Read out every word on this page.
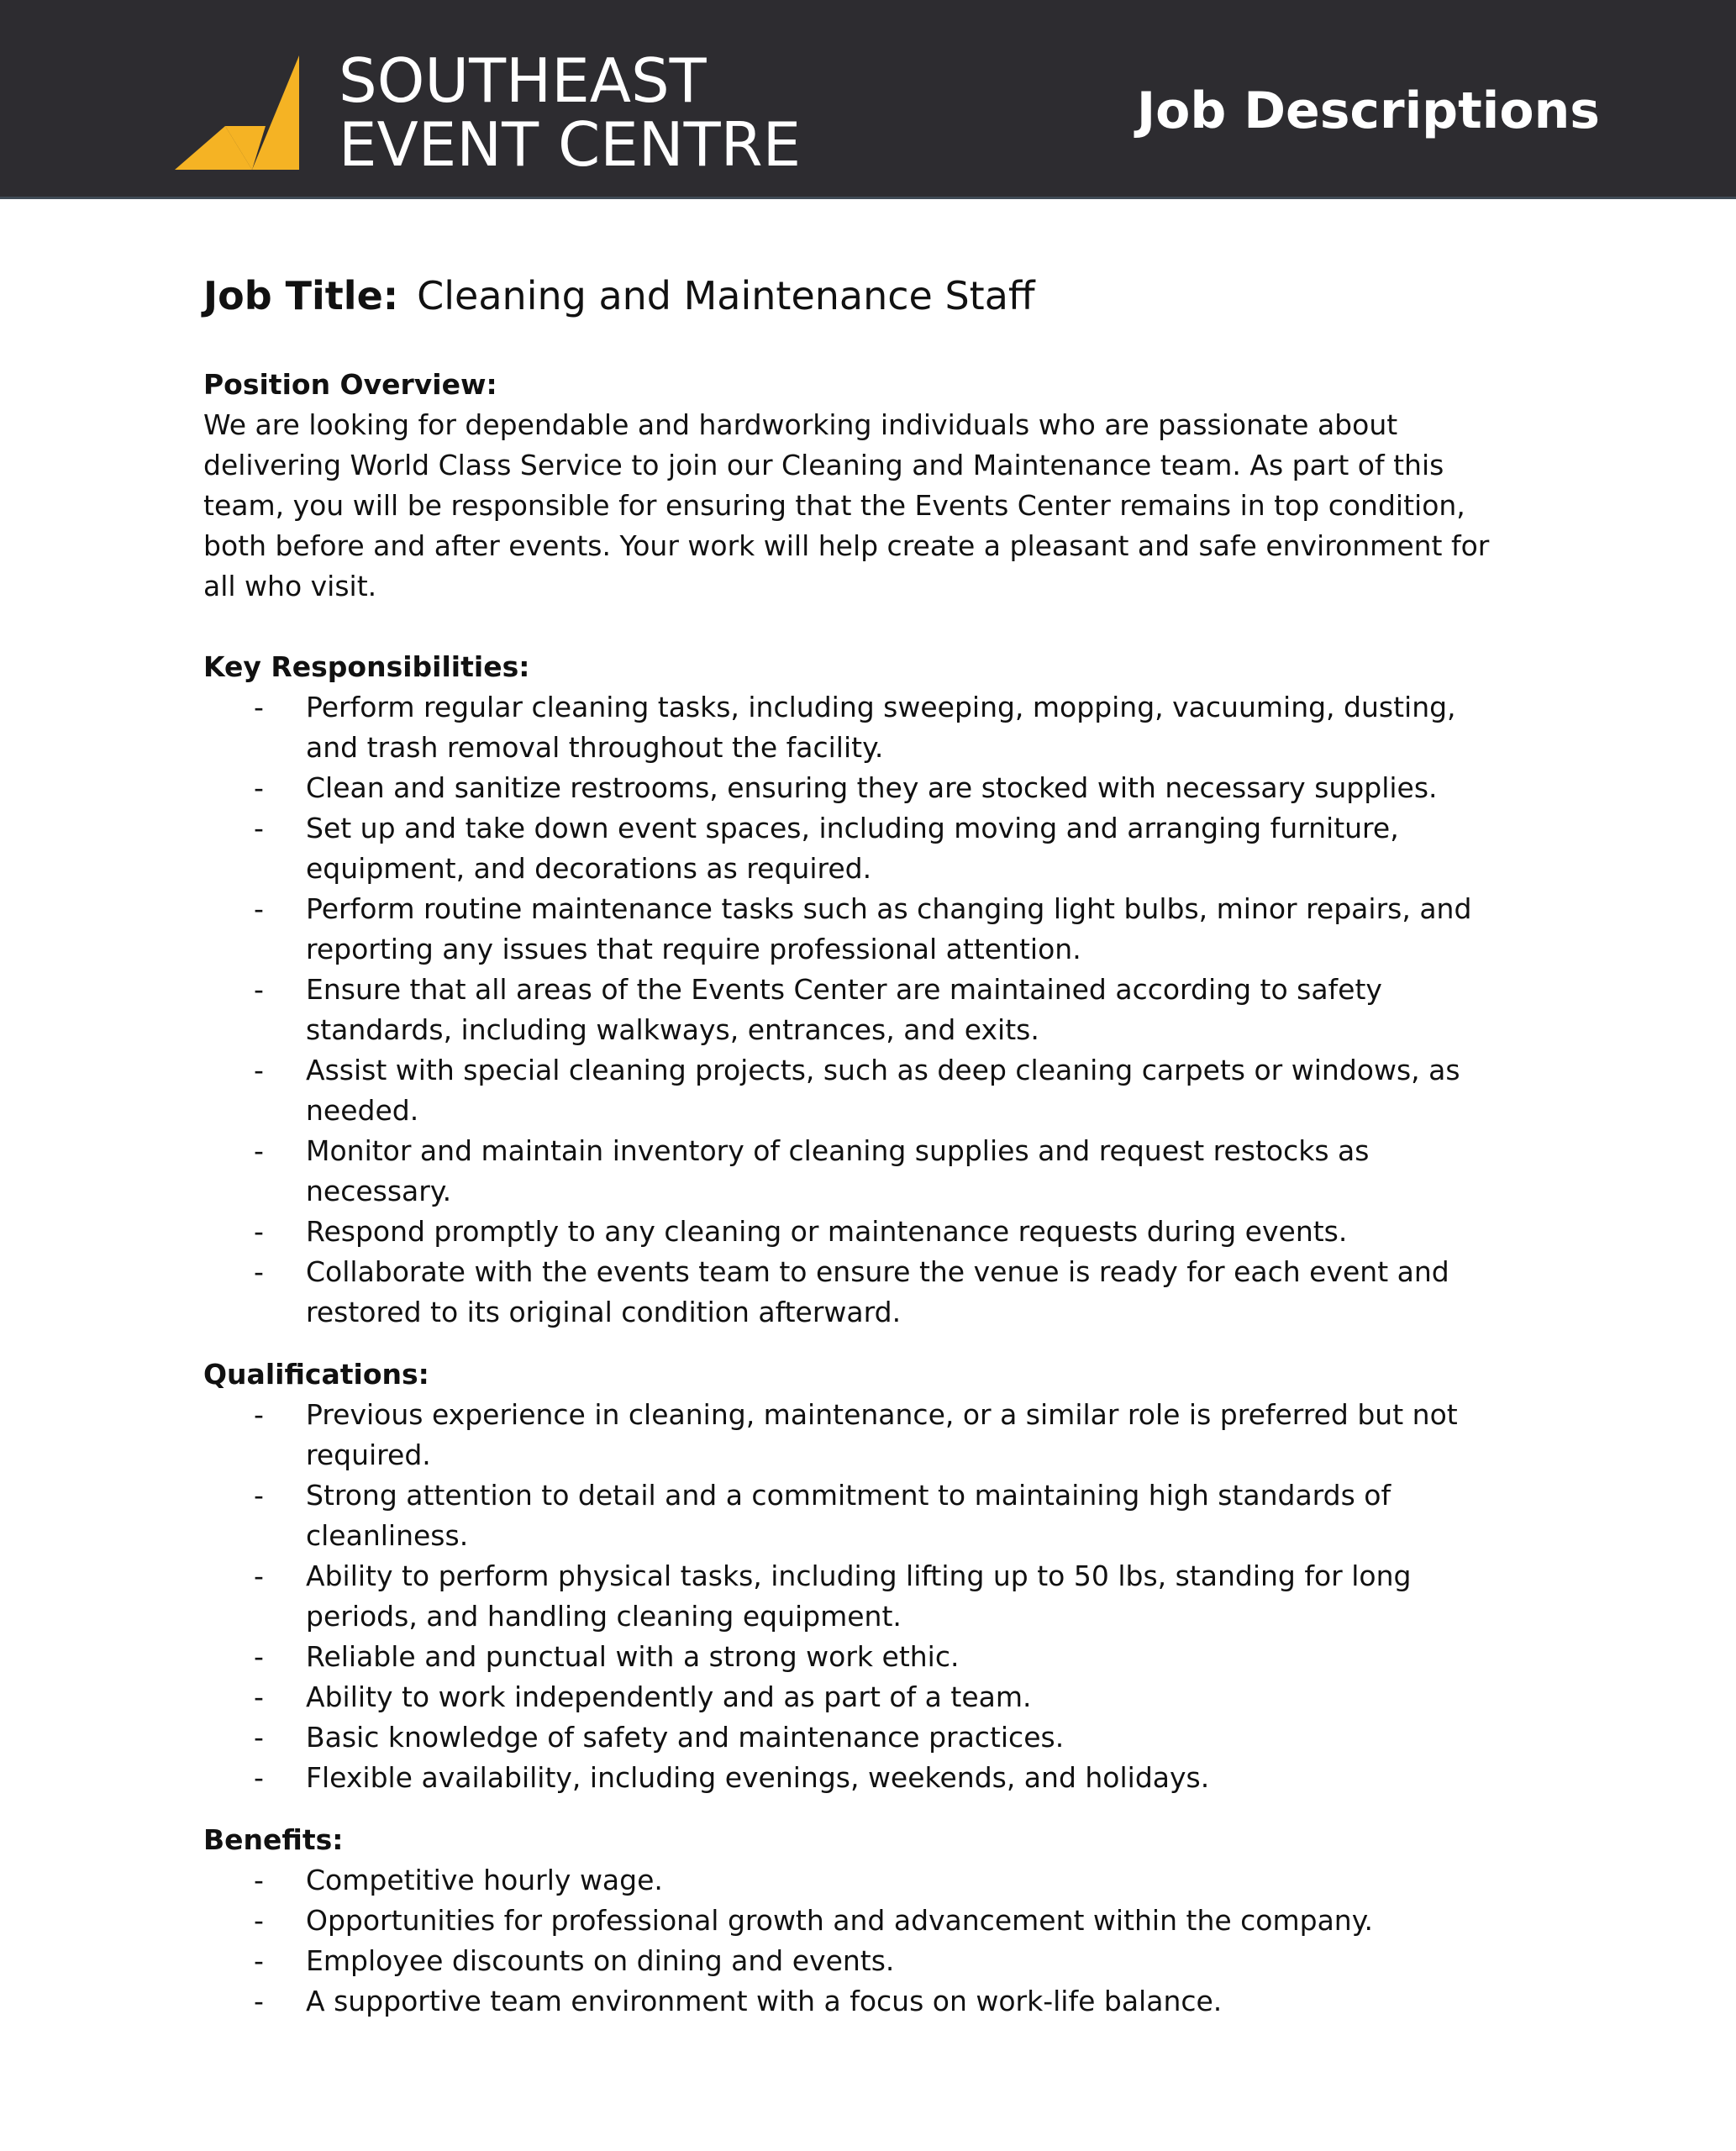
SOUTHEAST
EVENT CENTRE	Job Descriptions
Job Title: Cleaning and Maintenance Staff
Position Overview:

We are looking for dependable and hardworking individuals who are passionate about delivering World Class Service to join our Cleaning and Maintenance team. As part of this team, you will be responsible for ensuring that the Events Center remains in top condition, both before and after events. Your work will help create a pleasant and safe environment for all who visit.

Key Responsibilities:
- Perform regular cleaning tasks, including sweeping, mopping, vacuuming, dusting, and trash removal throughout the facility.
- Clean and sanitize restrooms, ensuring they are stocked with necessary supplies.
- Set up and take down event spaces, including moving and arranging furniture, equipment, and decorations as required.
- Perform routine maintenance tasks such as changing light bulbs, minor repairs, and reporting any issues that require professional attention.
- Ensure that all areas of the Events Center are maintained according to safety standards, including walkways, entrances, and exits.
- Assist with special cleaning projects, such as deep cleaning carpets or windows, as needed.
- Monitor and maintain inventory of cleaning supplies and request restocks as necessary.
- Respond promptly to any cleaning or maintenance requests during events.
- Collaborate with the events team to ensure the venue is ready for each event and restored to its original condition afterward.
Qualifications:
- Previous experience in cleaning, maintenance, or a similar role is preferred but not required.
- Strong attention to detail and a commitment to maintaining high standards of cleanliness.
- Ability to perform physical tasks, including lifting up to 50 lbs, standing for long periods, and handling cleaning equipment.
- Reliable and punctual with a strong work ethic.
- Ability to work independently and as part of a team.
- Basic knowledge of safety and maintenance practices.
- Flexible availability, including evenings, weekends, and holidays.
Benefits:
- Competitive hourly wage.
- Opportunities for professional growth and advancement within the company.
- Employee discounts on dining and events.
- A supportive team environment with a focus on work-life balance.
